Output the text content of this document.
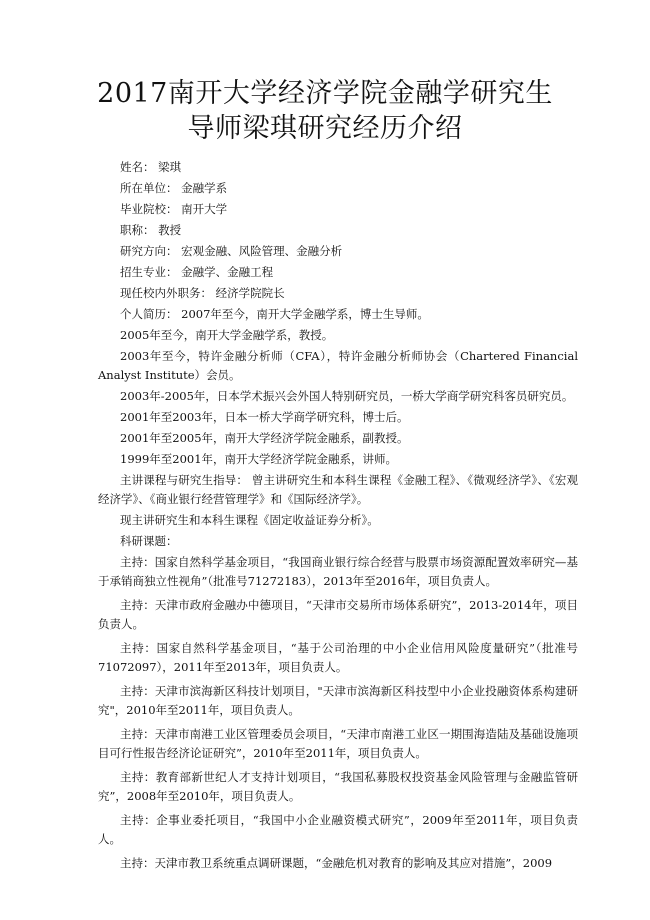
2017南开大学经济学院金融学研究生
导师梁琪研究经历介绍

姓名： 梁琪

所在单位： 金融学系

毕业院校： 南开大学

职称： 教授

研究方向： 宏观金融、风险管理、金融分析

招生专业： 金融学、金融工程

现任校内外职务： 经济学院院长

个人简历： 2007年至今，南开大学金融学系，博士生导师。

2005年至今，南开大学金融学系，教授。

2003年至今，特许金融分析师（CFA），特许金融分析师协会（Chartered Financial Analyst Institute）会员。

2003年-2005年，日本学术振兴会外国人特别研究员，一桥大学商学研究科客员研究员。

2001年至2003年，日本一桥大学商学研究科，博士后。

2001年至2005年，南开大学经济学院金融系，副教授。

1999年至2001年，南开大学经济学院金融系，讲师。

主讲课程与研究生指导： 曾主讲研究生和本科生课程《金融工程》、《微观经济学》、《宏观经济学》、《商业银行经营管理学》和《国际经济学》。

现主讲研究生和本科生课程《固定收益证券分析》。

科研课题：

主持：国家自然科学基金项目，“我国商业银行综合经营与股票市场资源配置效率研究—基于承销商独立性视角”（批准号71272183），2013年至2016年，项目负责人。

主持：天津市政府金融办中德项目，“天津市交易所市场体系研究”，2013-2014年，项目负责人。

主持：国家自然科学基金项目，“基于公司治理的中小企业信用风险度量研究”（批准号71072097），2011年至2013年，项目负责人。

主持：天津市滨海新区科技计划项目，"天津市滨海新区科技型中小企业投融资体系构建研究"，2010年至2011年，项目负责人。

主持：天津市南港工业区管理委员会项目，“天津市南港工业区一期围海造陆及基础设施项目可行性报告经济论证研究”，2010年至2011年，项目负责人。

主持：教育部新世纪人才支持计划项目，“我国私募股权投资基金风险管理与金融监管研究”，2008年至2010年，项目负责人。

主持：企事业委托项目，“我国中小企业融资模式研究”，2009年至2011年，项目负责人。

主持：天津市教卫系统重点调研课题，“金融危机对教育的影响及其应对措施”，2009
